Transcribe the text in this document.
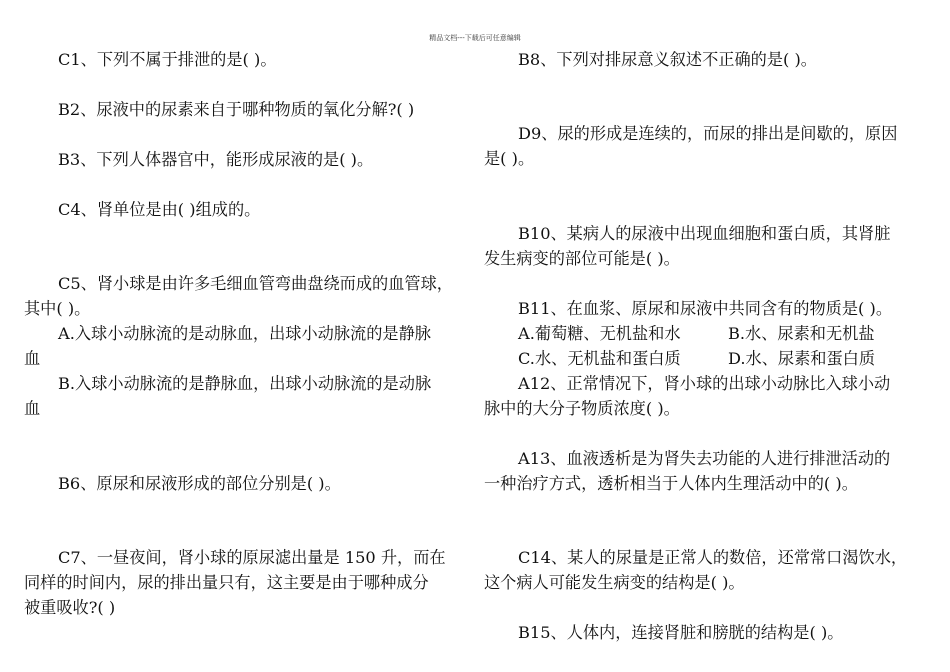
精品文档---下载后可任意编辑
C1、下列不属于排泄的是( )。
B2、尿液中的尿素来自于哪种物质的氧化分解?( )
B3、下列人体器官中，能形成尿液的是( )。
C4、肾单位是由( )组成的。
C5、肾小球是由许多毛细血管弯曲盘绕而成的血管球，
其中( )。
A.入球小动脉流的是动脉血，出球小动脉流的是静脉
血
B.入球小动脉流的是静脉血，出球小动脉流的是动脉
血
B6、原尿和尿液形成的部位分别是( )。
C7、一昼夜间，肾小球的原尿滤出量是 150 升，而在
同样的时间内，尿的排出量只有，这主要是由于哪种成分
被重吸收?( )
B8、下列对排尿意义叙述不正确的是( )。
D9、尿的形成是连续的，而尿的排出是间歇的，原因
是( )。
B10、某病人的尿液中出现血细胞和蛋白质，其肾脏
发生病变的部位可能是( )。
B11、在血浆、原尿和尿液中共同含有的物质是( )。
A.葡萄糖、无机盐和水	B.水、尿素和无机盐
C.水、无机盐和蛋白质	D.水、尿素和蛋白质
A12、正常情况下，肾小球的出球小动脉比入球小动
脉中的大分子物质浓度( )。
A13、血液透析是为肾失去功能的人进行排泄活动的
一种治疗方式，透析相当于人体内生理活动中的( )。
C14、某人的尿量是正常人的数倍，还常常口渴饮水，
这个病人可能发生病变的结构是( )。
B15、人体内，连接肾脏和膀胱的结构是( )。
